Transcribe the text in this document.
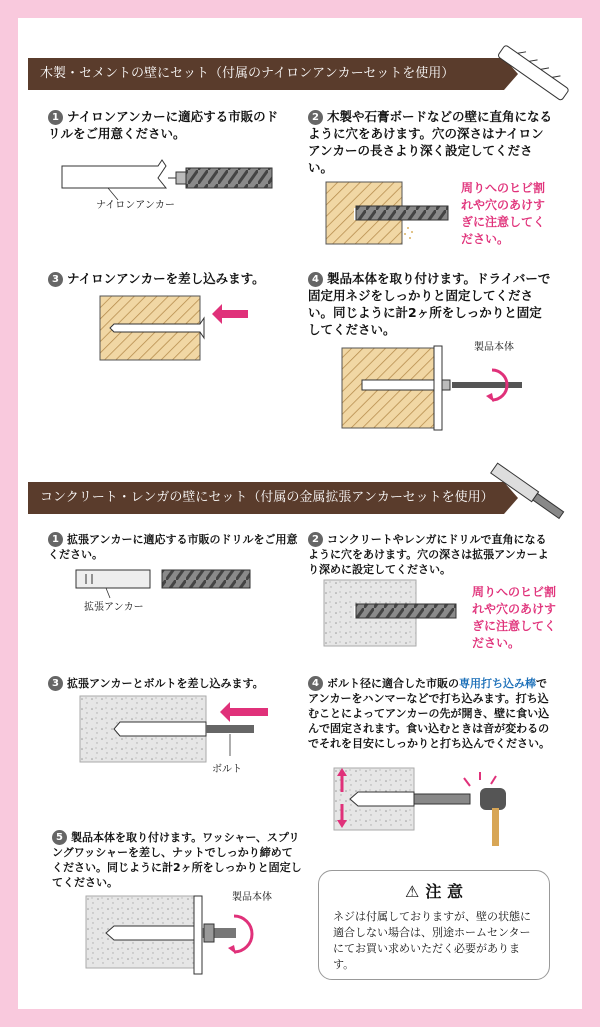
木製・セメントの壁にセット（付属のナイロンアンカーセットを使用）
1 ナイロンアンカーに適応する市販のドリルをご用意ください。
ナイロンアンカー
2 木製や石膏ボードなどの壁に直角になるように穴をあけます。穴の深さはナイロンアンカーの長さより深く設定してください。
周りへのヒビ割れや穴のあけすぎに注意してください。
3 ナイロンアンカーを差し込みます。	4 製品本体を取り付けます。ドライバーで固定用ネジをしっかりと固定してください。同じように計2ヶ所をしっかりと固定してください。
製品本体
コンクリート・レンガの壁にセット（付属の金属拡張アンカーセットを使用）
1 拡張アンカーに適応する市販のドリルをご用意ください。
拡張アンカー
2 コンクリートやレンガにドリルで直角になるように穴をあけます。穴の深さは拡張アンカーより深めに設定してください。
周りへのヒビ割れや穴のあけすぎに注意してください。
3 拡張アンカーとボルトを差し込みます。
ボルト
4 ボルト径に適合した市販の専用打ち込み棒でアンカーをハンマーなどで打ち込みます。打ち込むことによってアンカーの先が開き、壁に食い込んで固定されます。食い込むときは音が変わるのでそれを目安にしっかりと打ち込んでください。
5 製品本体を取り付けます。ワッシャー、スプリングワッシャーを差し、ナットでしっかり締めてください。同じように計2ヶ所をしっかりと固定してください。
製品本体	⚠ 注 意
ネジは付属しておりますが、壁の状態に適合しない場合は、別途ホームセンターにてお買い求めいただく必要があります。
